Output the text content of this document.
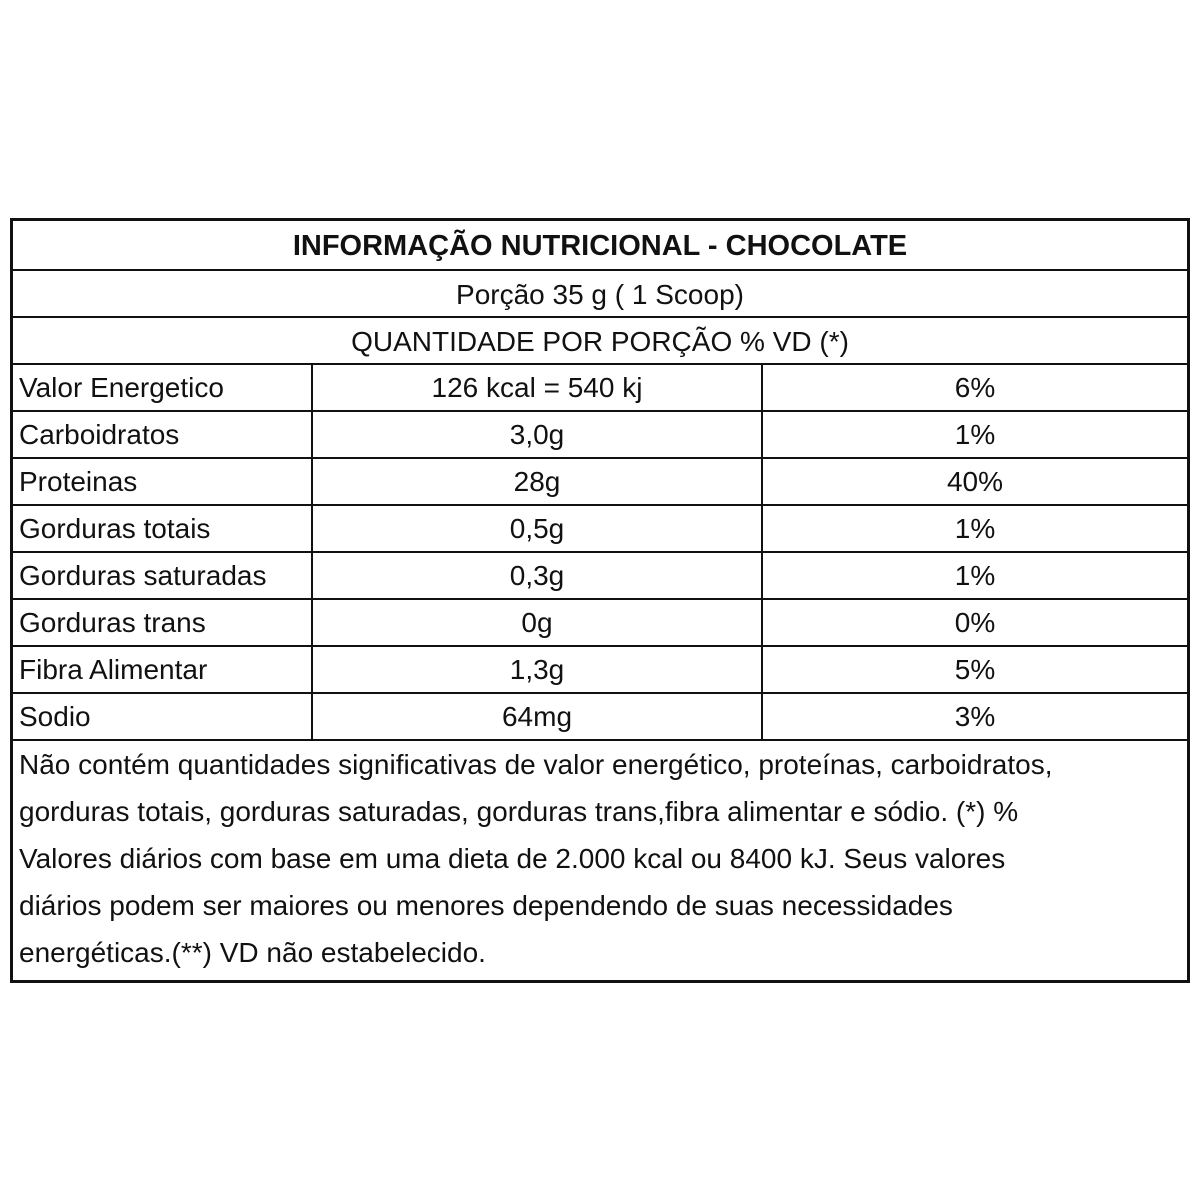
INFORMAÇÃO NUTRICIONAL - CHOCOLATE
Porção 35 g ( 1 Scoop)
QUANTIDADE POR PORÇÃO % VD (*)
Valor Energetico	126 kcal = 540 kj	6%
Carboidratos	3,0g	1%
Proteinas	28g	40%
Gorduras totais	0,5g	1%
Gorduras saturadas	0,3g	1%
Gorduras trans	0g	0%
Fibra Alimentar	1,3g	5%
Sodio	64mg	3%
Não contém quantidades significativas de valor energético, proteínas, carboidratos,
gorduras totais, gorduras saturadas, gorduras trans,fibra alimentar e sódio. (*) %
Valores diários com base em uma dieta de 2.000 kcal ou 8400 kJ. Seus valores
diários podem ser maiores ou menores dependendo de suas necessidades
energéticas.(**) VD não estabelecido.
